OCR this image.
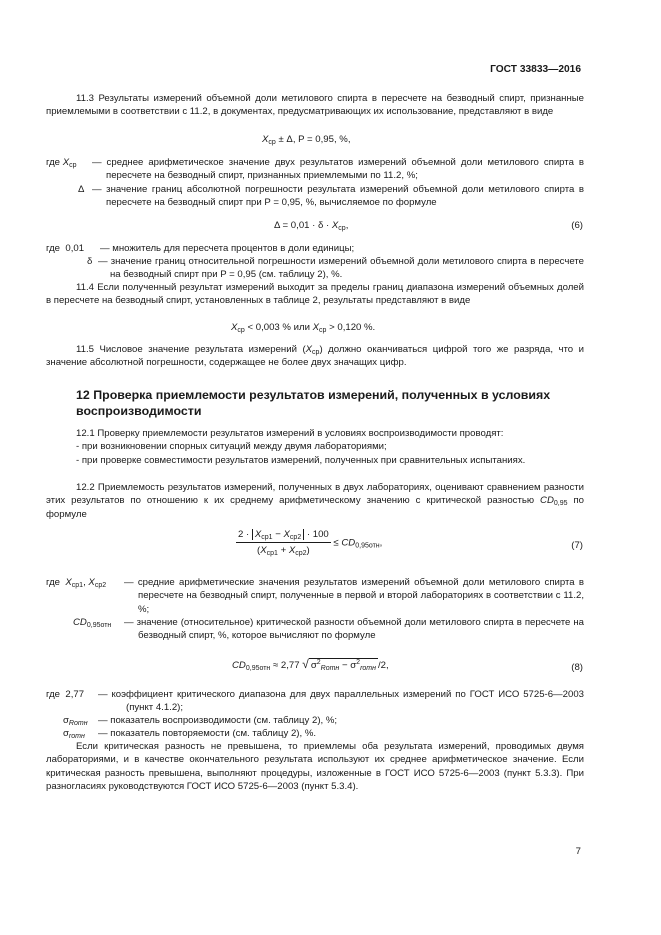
ГОСТ 33833—2016

11.3 Результаты измерений объемной доли метилового спирта в пересчете на безводный спирт, признанные приемлемыми в соответствии с 11.2, в документах, предусматривающих их использование, представляют в виде

$X_{ср} \pm \Delta$, P = 0,95, %,
где $X_{ср}$ — среднее арифметическое значение двух результатов измерений объемной доли метилового спирта в пересчете на безводный спирт, признанных приемлемыми по 11.2, %;
Δ — значение границ абсолютной погрешности результата измерений объемной доли метилового спирта в пересчете на безводный спирт при P = 0,95, %, вычисляемое по формуле
$\Delta = 0,01 \cdot \delta \cdot X_{ср}$,	(6)
где 0,01 — множитель для пересчета процентов в доли единицы;
δ — значение границ относительной погрешности измерений объемной доли метилового спирта в пересчете на безводный спирт при P = 0,95 (см. таблицу 2), %.

11.4 Если полученный результат измерений выходит за пределы границ диапазона измерений объемных долей в пересчете на безводный спирт, установленных в таблице 2, результаты представляют в виде

$X_{ср} < 0,003$ % или $X_{ср} > 0,120$ %.

11.5 Числовое значение результата измерений $(X_{ср})$ должно оканчиваться цифрой того же разряда, что и значение абсолютной погрешности, содержащее не более двух значащих цифр.

12 Проверка приемлемости результатов измерений, полученных в условиях воспроизводимости

12.1 Проверку приемлемости результатов измерений в условиях воспроизводимости проводят:

- при возникновении спорных ситуаций между двумя лабораториями;

- при проверке совместимости результатов измерений, полученных при сравнительных испытаниях.

12.2 Приемлемость результатов измерений, полученных в двух лабораториях, оценивают сравнением разности этих результатов по отношению к их среднему арифметическому значению с критической разностью $CD_{0,95}$ по формуле

$\frac{2 \cdot X_{ср1} - X_{ср2} \cdot 100}{(X_{ср1} + X_{ср2})} \le CD_{0,95отн}$,	(7)
где $X_{ср1}$, $X_{ср2}$ — средние арифметические значения результатов измерений объемной доли метилового спирта в пересчете на безводный спирт, полученные в первой и второй лабораториях в соответствии с 11.2, %;
$CD_{0,95отн}$ — значение (относительное) критической разности объемной доли метилового спирта в пересчете на безводный спирт, %, которое вычисляют по формуле
$CD_{0,95отн} \approx 2,77$ √ $\sigma^2_{Rотн} - \sigma^2_{rотн}$ /2,	(8)
где 2,77 — коэффициент критического диапазона для двух параллельных измерений по ГОСТ ИСО 5725-6—2003 (пункт 4.1.2);
$\sigma_{Rотн}$ — показатель воспроизводимости (см. таблицу 2), %;
$\sigma_{rотн}$ — показатель повторяемости (см. таблицу 2), %.

Если критическая разность не превышена, то приемлемы оба результата измерений, проводимых двумя лабораториями, и в качестве окончательного результата используют их среднее арифметическое значение. Если критическая разность превышена, выполняют процедуры, изложенные в ГОСТ ИСО 5725-6—2003 (пункт 5.3.3). При разногласиях руководствуются ГОСТ ИСО 5725-6—2003 (пункт 5.3.4).

7
